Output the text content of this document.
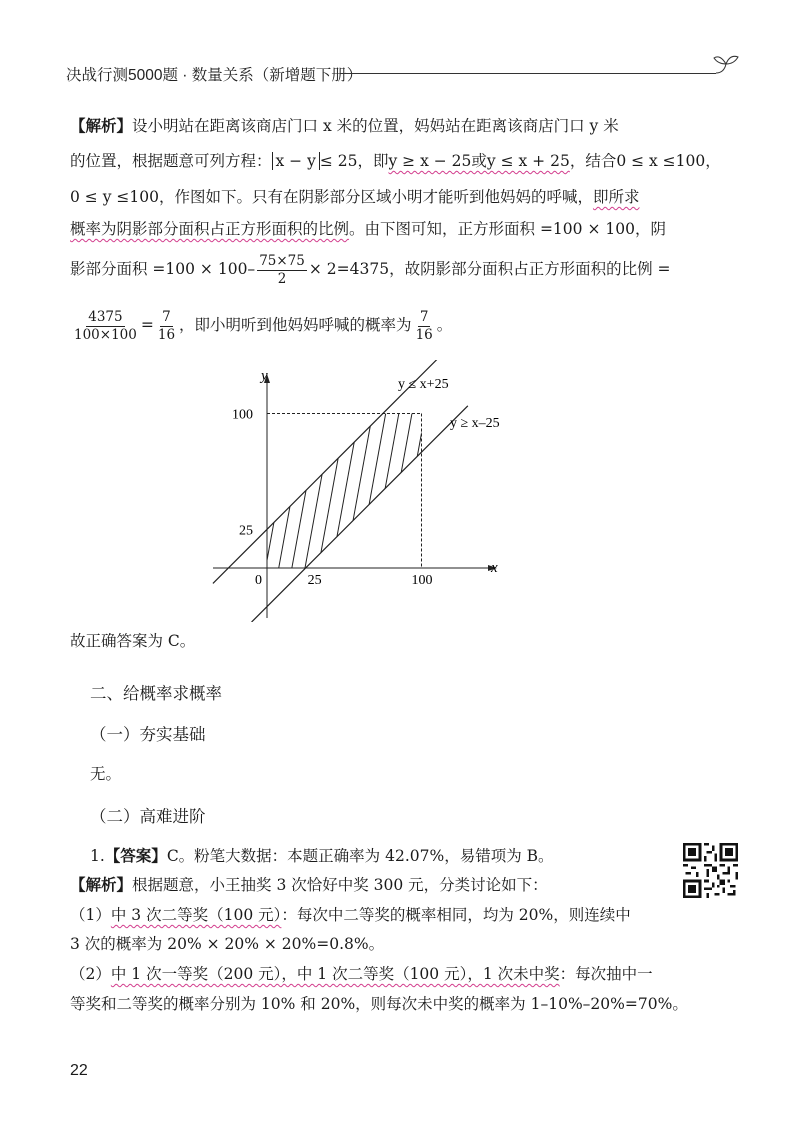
决战行测5000题 · 数量关系（新增题下册）
【解析】设小明站在距离该商店门口 x 米的位置，妈妈站在距离该商店门口 y 米
的位置，根据题意可列方程： x − y ≤ 25，即y ≥ x − 25或y ≤ x + 25，结合0 ≤ x ≤100，
0 ≤ y ≤100，作图如下。只有在阴影部分区域小明才能听到他妈妈的呼喊，即所求
概率为阴影部分面积占正方形面积的比例。由下图可知，正方形面积 =100 × 100，阴
影部分面积 $=100 \times 100- \frac{75\times 75}{2} \times 2=4375$，故阴影部分面积占正方形面积的比例 =
$\frac{4375}{100\times 100} = \frac{7}{16}$ ，即小明听到他妈妈呼喊的概率为 $\frac{7}{16}$ 。
y ≤ x+25
y ≥ x–25
x
y
0	25	100
25
100
故正确答案为 C。
二、给概率求概率
（一）夯实基础
无。
（二）高难进阶
1.【答案】C。粉笔大数据：本题正确率为 42.07%，易错项为 B。
【解析】根据题意，小王抽奖 3 次恰好中奖 300 元，分类讨论如下：
（1）中 3 次二等奖（100 元）：每次中二等奖的概率相同，均为 20%，则连续中
3 次的概率为 20% × 20% × 20%=0.8%。
（2）中 1 次一等奖（200 元），中 1 次二等奖（100 元），1 次未中奖：每次抽中一
等奖和二等奖的概率分别为 10% 和 20%，则每次未中奖的概率为 1–10%–20%=70%。
22
